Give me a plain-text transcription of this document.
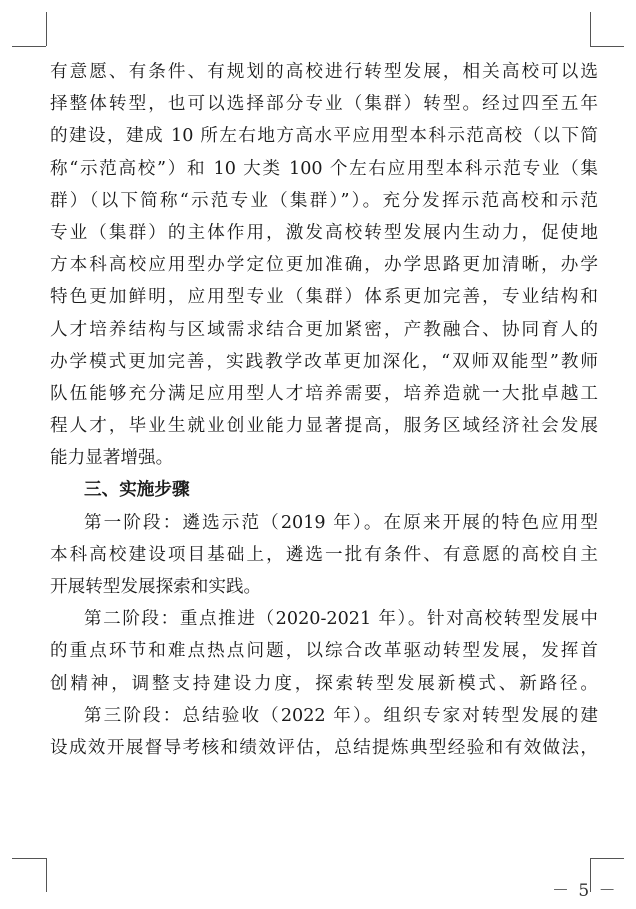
有意愿、有条件、有规划的高校进行转型发展，相关高校可以选
择整体转型，也可以选择部分专业（集群）转型。经过四至五年
的建设，建成 10 所左右地方高水平应用型本科示范高校（以下简
称“示范高校”）和 10 大类 100 个左右应用型本科示范专业（集
群）（以下简称“示范专业（集群）”）。充分发挥示范高校和示范
专业（集群）的主体作用，激发高校转型发展内生动力，促使地
方本科高校应用型办学定位更加准确，办学思路更加清晰，办学
特色更加鲜明，应用型专业（集群）体系更加完善，专业结构和
人才培养结构与区域需求结合更加紧密，产教融合、协同育人的
办学模式更加完善，实践教学改革更加深化，“双师双能型”教师
队伍能够充分满足应用型人才培养需要，培养造就一大批卓越工
程人才，毕业生就业创业能力显著提高，服务区域经济社会发展
能力显著增强。
三、实施步骤
第一阶段：遴选示范（2019 年）。在原来开展的特色应用型
本科高校建设项目基础上，遴选一批有条件、有意愿的高校自主
开展转型发展探索和实践。
第二阶段：重点推进（2020-2021 年）。针对高校转型发展中
的重点环节和难点热点问题，以综合改革驱动转型发展，发挥首
创精神，调整支持建设力度，探索转型发展新模式、新路径。
第三阶段：总结验收（2022 年）。组织专家对转型发展的建
设成效开展督导考核和绩效评估，总结提炼典型经验和有效做法，
－ 5 －
